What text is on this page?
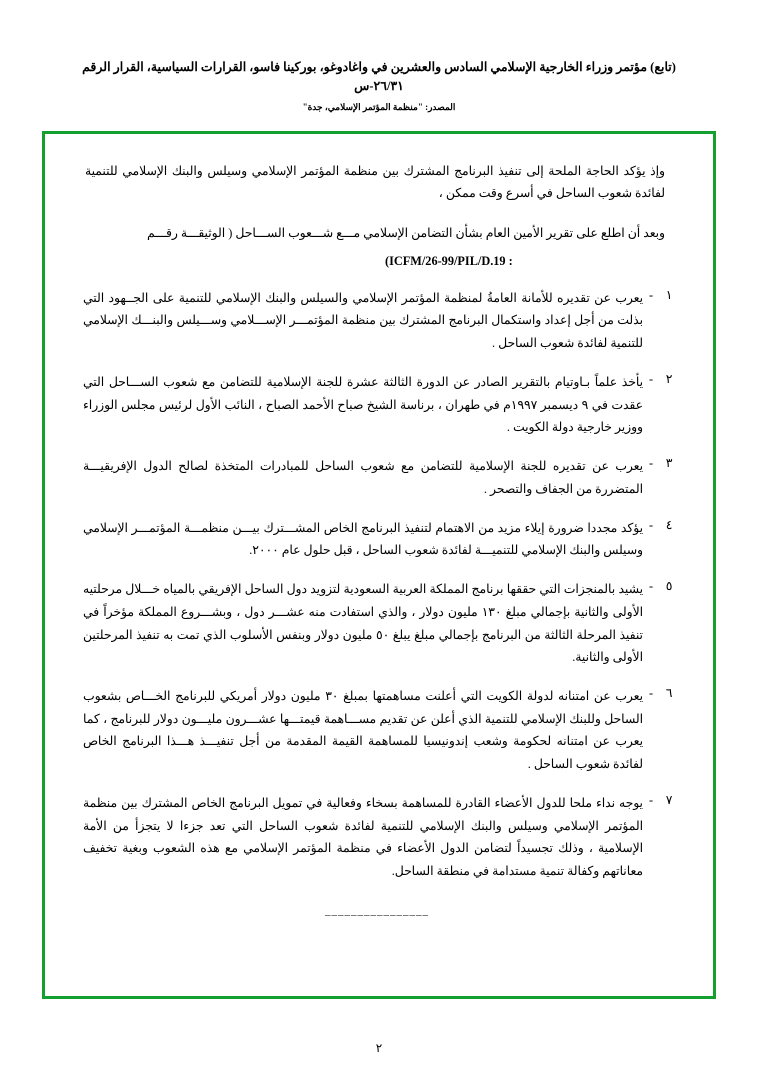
(تابع) مؤتمر وزراء الخارجية الإسلامي السادس والعشرين في واغادوغو، بوركينا فاسو، القرارات السياسية، القرار الرقم ٢٦/٣١-س
المصدر: "منظمة المؤتمر الإسلامي، جدة"
وإذ يؤكد الحاجة الملحة إلى تنفيذ البرنامج المشترك بين منظمة المؤتمر الإسلامي وسيلس والبنك الإسلامي للتنمية لفائدة شعوب الساحل في أسرع وقت ممكن ،
وبعد أن اطلع على تقرير الأمين العام بشأن التضامن الإسلامي مـــع شـــعوب الســـاحل ( الوثيقـــة رقـــم
(ICFM/26-99/PIL/D.19 :
١
-
يعرب عن تقديره للأمانة العامةُ لمنظمة المؤتمر الإسلامي والسيلس والبنك الإسلامي للتنمية على الجــهود التي بذلت من أجل إعداد واستكمال البرنامج المشترك بين منظمة المؤتمـــر الإســـلامي وســـيلس والبنـــك الإسلامي للتنمية لفائدة شعوب الساحل .
٢
-
يأخذ علماً بـاوتيام بالتقرير الصادر عن الدورة الثالثة عشرة للجنة الإسلامية للتضامن مع شعوب الســـاحل التي عقدت في ٩ ديسمبر ١٩٩٧م في طهران ، برناسة الشيخ صباح الأحمد الصباح ، النائب الأول لرئيس مجلس الوزراء ووزير خارجية دولة الكويت .
٣
-
يعرب عن تقديره للجنة الإسلامية للتضامن مع شعوب الساحل للمبادرات المتخذة لصالح الدول الإفريقيـــة المتضررة من الجفاف والتصحر .
٤
-
يؤكد مجددا ضرورة إيلاء مزيد من الاهتمام لتنفيذ البرنامج الخاص المشـــترك بيـــن منظمـــة المؤتمـــر الإسلامي وسيلس والبنك الإسلامي للتنميـــة لفائدة شعوب الساحل ، قبل حلول عام ٢٠٠٠.
٥
-
يشيد بالمنجزات التي حققها برنامج المملكة العربية السعودية لتزويد دول الساحل الإفريقي بالمياه خـــلال مرحلتيه الأولى والثانية بإجمالي مبلغ ١٣٠ مليون دولار ، والذي استفادت منه عشـــر دول ، وبشـــروع المملكة مؤخراً في تنفيذ المرحلة الثالثة من البرنامج بإجمالي مبلغ يبلغ ٥٠ مليون دولار وبنفس الأسلوب الذي تمت به تنفيذ المرحلتين الأولى والثانية.
٦
-
يعرب عن امتنانه لدولة الكويت التي أعلنت مساهمتها بمبلغ ٣٠ مليون دولار أمريكي للبرنامج الخـــاص بشعوب الساحل وللبنك الإسلامي للتنمية الذي أعلن عن تقديم مســـاهمة قيمتـــها عشـــرون مليـــون دولار للبرنامج ، كما يعرب عن امتنانه لحكومة وشعب إندونيسيا للمساهمة القيمة المقدمة من أجل تنفيـــذ هـــذا البرنامج الخاص لفائدة شعوب الساحل .
٧
-
يوجه نداء ملحا للدول الأعضاء القادرة للمساهمة بسخاء وفعالية في تمويل البرنامج الخاص المشترك بين منظمة المؤتمر الإسلامي وسيلس والبنك الإسلامي للتنمية لفائدة شعوب الساحل التي تعد جزءا لا يتجزأ من الأمة الإسلامية ، وذلك تجسيداً لتضامن الدول الأعضاء في منظمة المؤتمر الإسلامي مع هذه الشعوب وبغية تخفيف معاناتهم وكفالة تنمية مستدامة في منطقة الساحل.
________________
٢
